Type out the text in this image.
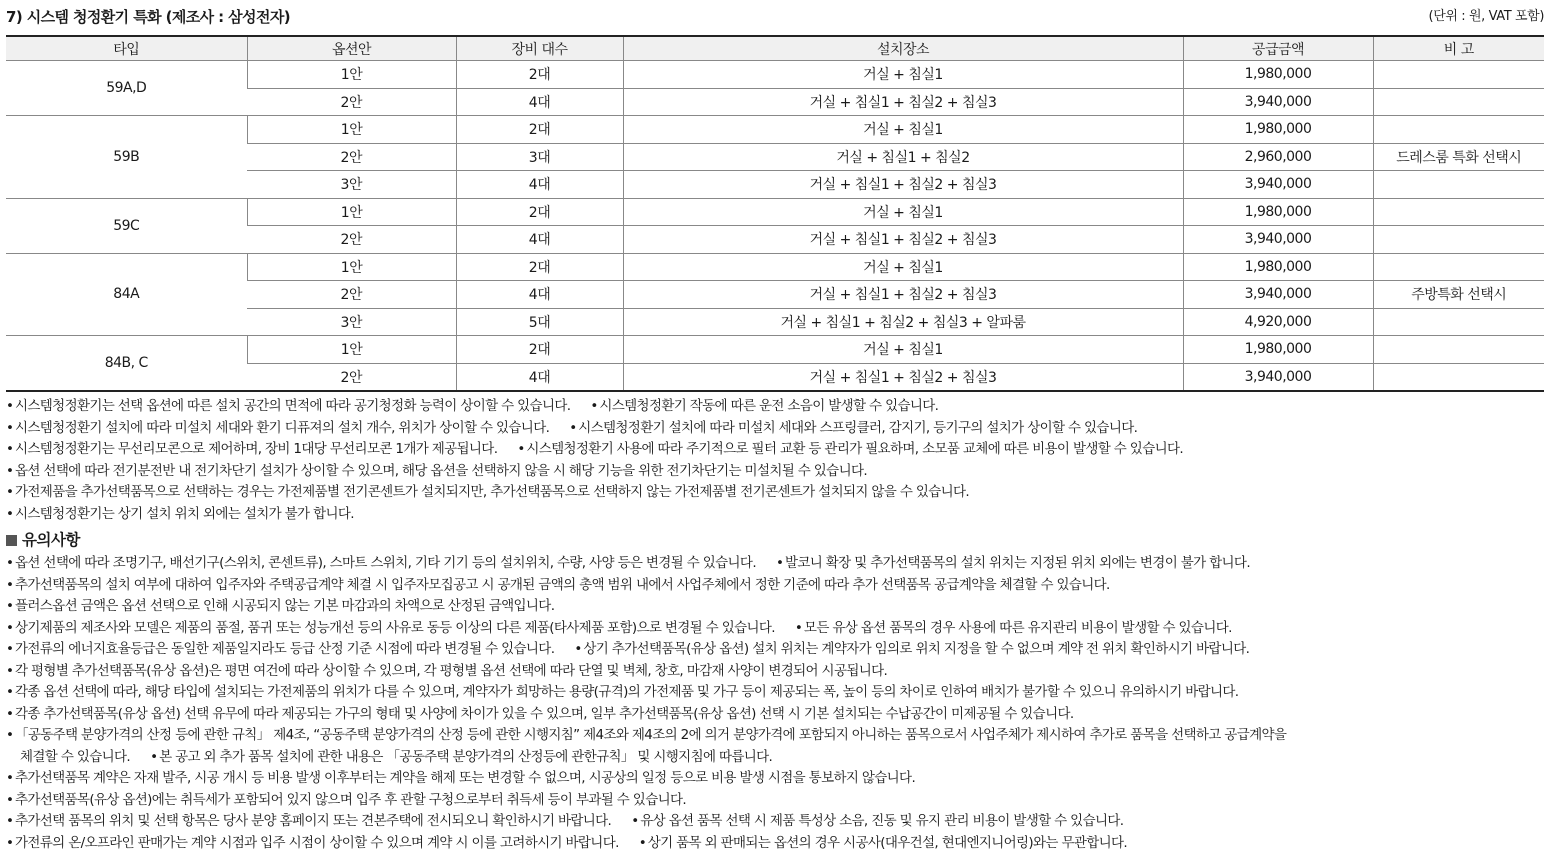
7) 시스템 청정환기 특화 (제조사 : 삼성전자)	(단위 : 원, VAT 포함)
타입	옵션안	장비 대수	설치장소	공급금액	비 고
59A,D	1안	2대	거실 + 침실1	1,980,000	
	2안	4대	거실 + 침실1 + 침실2 + 침실3	3,940,000	
59B	1안	2대	거실 + 침실1	1,980,000	
	2안	3대	거실 + 침실1 + 침실2	2,960,000	드레스룸 특화 선택시
	3안	4대	거실 + 침실1 + 침실2 + 침실3	3,940,000	
59C	1안	2대	거실 + 침실1	1,980,000	
	2안	4대	거실 + 침실1 + 침실2 + 침실3	3,940,000	
84A	1안	2대	거실 + 침실1	1,980,000	
	2안	4대	거실 + 침실1 + 침실2 + 침실3	3,940,000	주방특화 선택시
	3안	5대	거실 + 침실1 + 침실2 + 침실3 + 알파룸	4,920,000	
84B, C	1안	2대	거실 + 침실1	1,980,000	
	2안	4대	거실 + 침실1 + 침실2 + 침실3	3,940,000	
• 시스템청정환기는 선택 옵션에 따른 설치 공간의 면적에 따라 공기청정화 능력이 상이할 수 있습니다. • 시스템청정환기 작동에 따른 운전 소음이 발생할 수 있습니다.
• 시스템청정환기 설치에 따라 미설치 세대와 환기 디퓨져의 설치 개수, 위치가 상이할 수 있습니다. • 시스템청정환기 설치에 따라 미설치 세대와 스프링클러, 감지기, 등기구의 설치가 상이할 수 있습니다.
• 시스템청정환기는 무선리모콘으로 제어하며, 장비 1대당 무선리모콘 1개가 제공됩니다. • 시스템청정환기 사용에 따라 주기적으로 필터 교환 등 관리가 필요하며, 소모품 교체에 따른 비용이 발생할 수 있습니다.
• 옵션 선택에 따라 전기분전반 내 전기차단기 설치가 상이할 수 있으며, 해당 옵션을 선택하지 않을 시 해당 기능을 위한 전기차단기는 미설치될 수 있습니다.
• 가전제품을 추가선택품목으로 선택하는 경우는 가전제품별 전기콘센트가 설치되지만, 추가선택품목으로 선택하지 않는 가전제품별 전기콘센트가 설치되지 않을 수 있습니다.
• 시스템청정환기는 상기 설치 위치 외에는 설치가 불가 합니다.
유의사항
• 옵션 선택에 따라 조명기구, 배선기구(스위치, 콘센트류), 스마트 스위치, 기타 기기 등의 설치위치, 수량, 사양 등은 변경될 수 있습니다. • 발코니 확장 및 추가선택품목의 설치 위치는 지정된 위치 외에는 변경이 불가 합니다.
• 추가선택품목의 설치 여부에 대하여 입주자와 주택공급계약 체결 시 입주자모집공고 시 공개된 금액의 총액 범위 내에서 사업주체에서 정한 기준에 따라 추가 선택품목 공급계약을 체결할 수 있습니다.
• 플러스옵션 금액은 옵션 선택으로 인해 시공되지 않는 기본 마감과의 차액으로 산정된 금액입니다.
• 상기제품의 제조사와 모델은 제품의 품절, 품귀 또는 성능개선 등의 사유로 동등 이상의 다른 제품(타사제품 포함)으로 변경될 수 있습니다. • 모든 유상 옵션 품목의 경우 사용에 따른 유지관리 비용이 발생할 수 있습니다.
• 가전류의 에너지효율등급은 동일한 제품일지라도 등급 산정 기준 시점에 따라 변경될 수 있습니다. • 상기 추가선택품목(유상 옵션) 설치 위치는 계약자가 임의로 위치 지정을 할 수 없으며 계약 전 위치 확인하시기 바랍니다.
• 각 평형별 추가선택품목(유상 옵션)은 평면 여건에 따라 상이할 수 있으며, 각 평형별 옵션 선택에 따라 단열 및 벽체, 창호, 마감재 사양이 변경되어 시공됩니다.
• 각종 옵션 선택에 따라, 해당 타입에 설치되는 가전제품의 위치가 다를 수 있으며, 계약자가 희망하는 용량(규격)의 가전제품 및 가구 등이 제공되는 폭, 높이 등의 차이로 인하여 배치가 불가할 수 있으니 유의하시기 바랍니다.
• 각종 추가선택품목(유상 옵션) 선택 유무에 따라 제공되는 가구의 형태 및 사양에 차이가 있을 수 있으며, 일부 추가선택품목(유상 옵션) 선택 시 기본 설치되는 수납공간이 미제공될 수 있습니다.
• 「공동주택 분양가격의 산정 등에 관한 규칙」 제4조, “공동주택 분양가격의 산정 등에 관한 시행지침” 제4조와 제4조의 2에 의거 분양가격에 포함되지 아니하는 품목으로서 사업주체가 제시하여 추가로 품목을 선택하고 공급계약을
체결할 수 있습니다. • 본 공고 외 추가 품목 설치에 관한 내용은 「공동주택 분양가격의 산정등에 관한규칙」 및 시행지침에 따릅니다.
• 추가선택품목 계약은 자재 발주, 시공 개시 등 비용 발생 이후부터는 계약을 해제 또는 변경할 수 없으며, 시공상의 일정 등으로 비용 발생 시점을 통보하지 않습니다.
• 추가선택품목(유상 옵션)에는 취득세가 포함되어 있지 않으며 입주 후 관할 구청으로부터 취득세 등이 부과될 수 있습니다.
• 추가선택 품목의 위치 및 선택 항목은 당사 분양 홈페이지 또는 견본주택에 전시되오니 확인하시기 바랍니다. • 유상 옵션 품목 선택 시 제품 특성상 소음, 진동 및 유지 관리 비용이 발생할 수 있습니다.
• 가전류의 온/오프라인 판매가는 계약 시점과 입주 시점이 상이할 수 있으며 계약 시 이를 고려하시기 바랍니다. • 상기 품목 외 판매되는 옵션의 경우 시공사(대우건설, 현대엔지니어링)와는 무관합니다.
